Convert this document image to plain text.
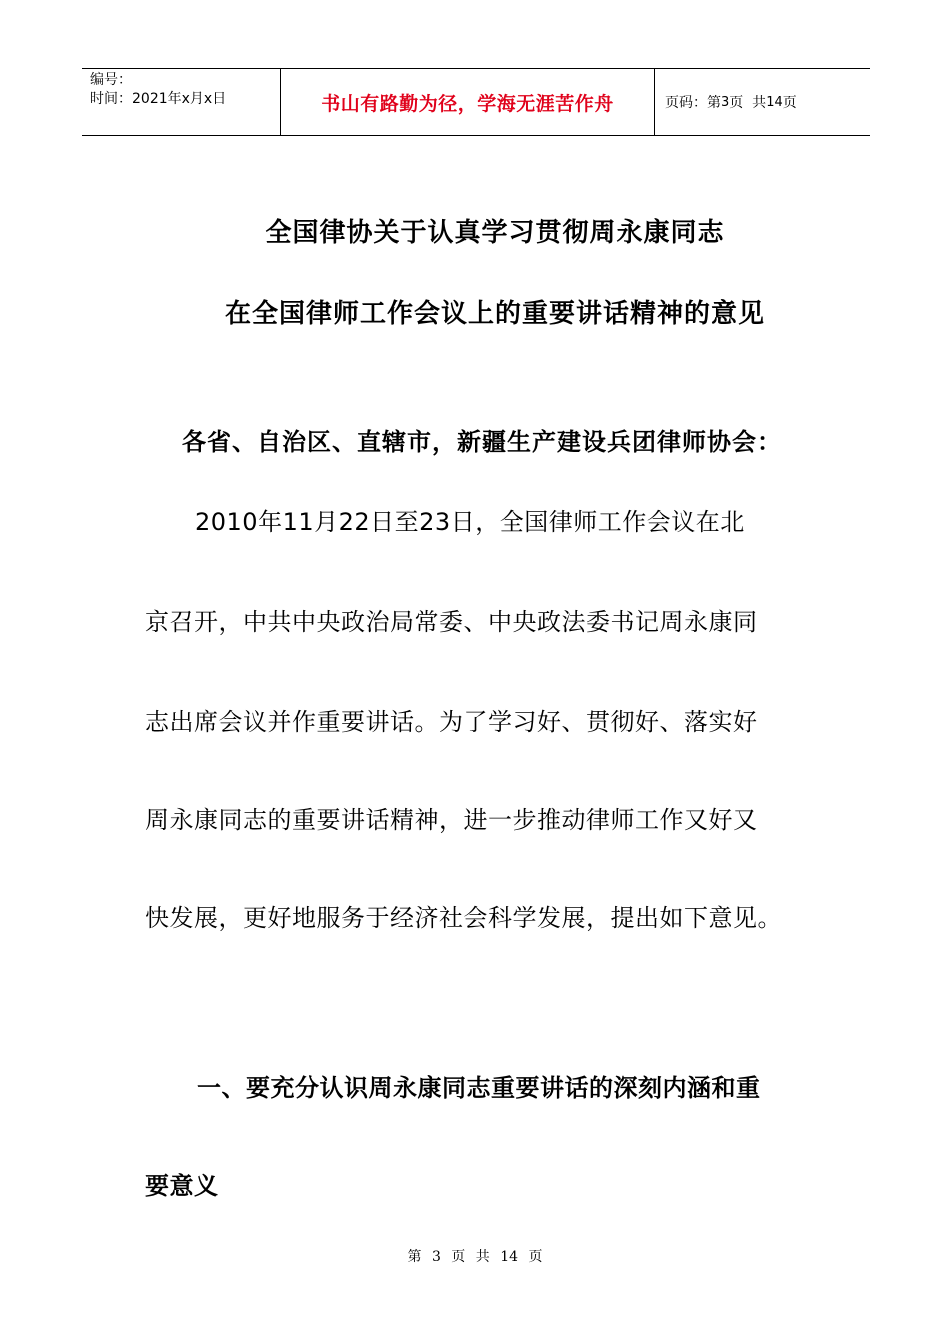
编号：
时间：2021年x月x日	书山有路勤为径，学海无涯苦作舟	页码：第 3 页  共 14 页
全国律协关于认真学习贯彻周永康同志
在全国律师工作会议上的重要讲话精神的意见
各省、自治区、直辖市，新疆生产建设兵团律师协会：
2010年11月22日至23日，全国律师工作会议在北
京召开，中共中央政治局常委、中央政法委书记周永康同
志出席会议并作重要讲话。为了学习好、贯彻好、落实好
周永康同志的重要讲话精神，进一步推动律师工作又好又
快发展，更好地服务于经济社会科学发展，提出如下意见。
一、要充分认识周永康同志重要讲话的深刻内涵和重
要意义
第 3 页 共 14 页
